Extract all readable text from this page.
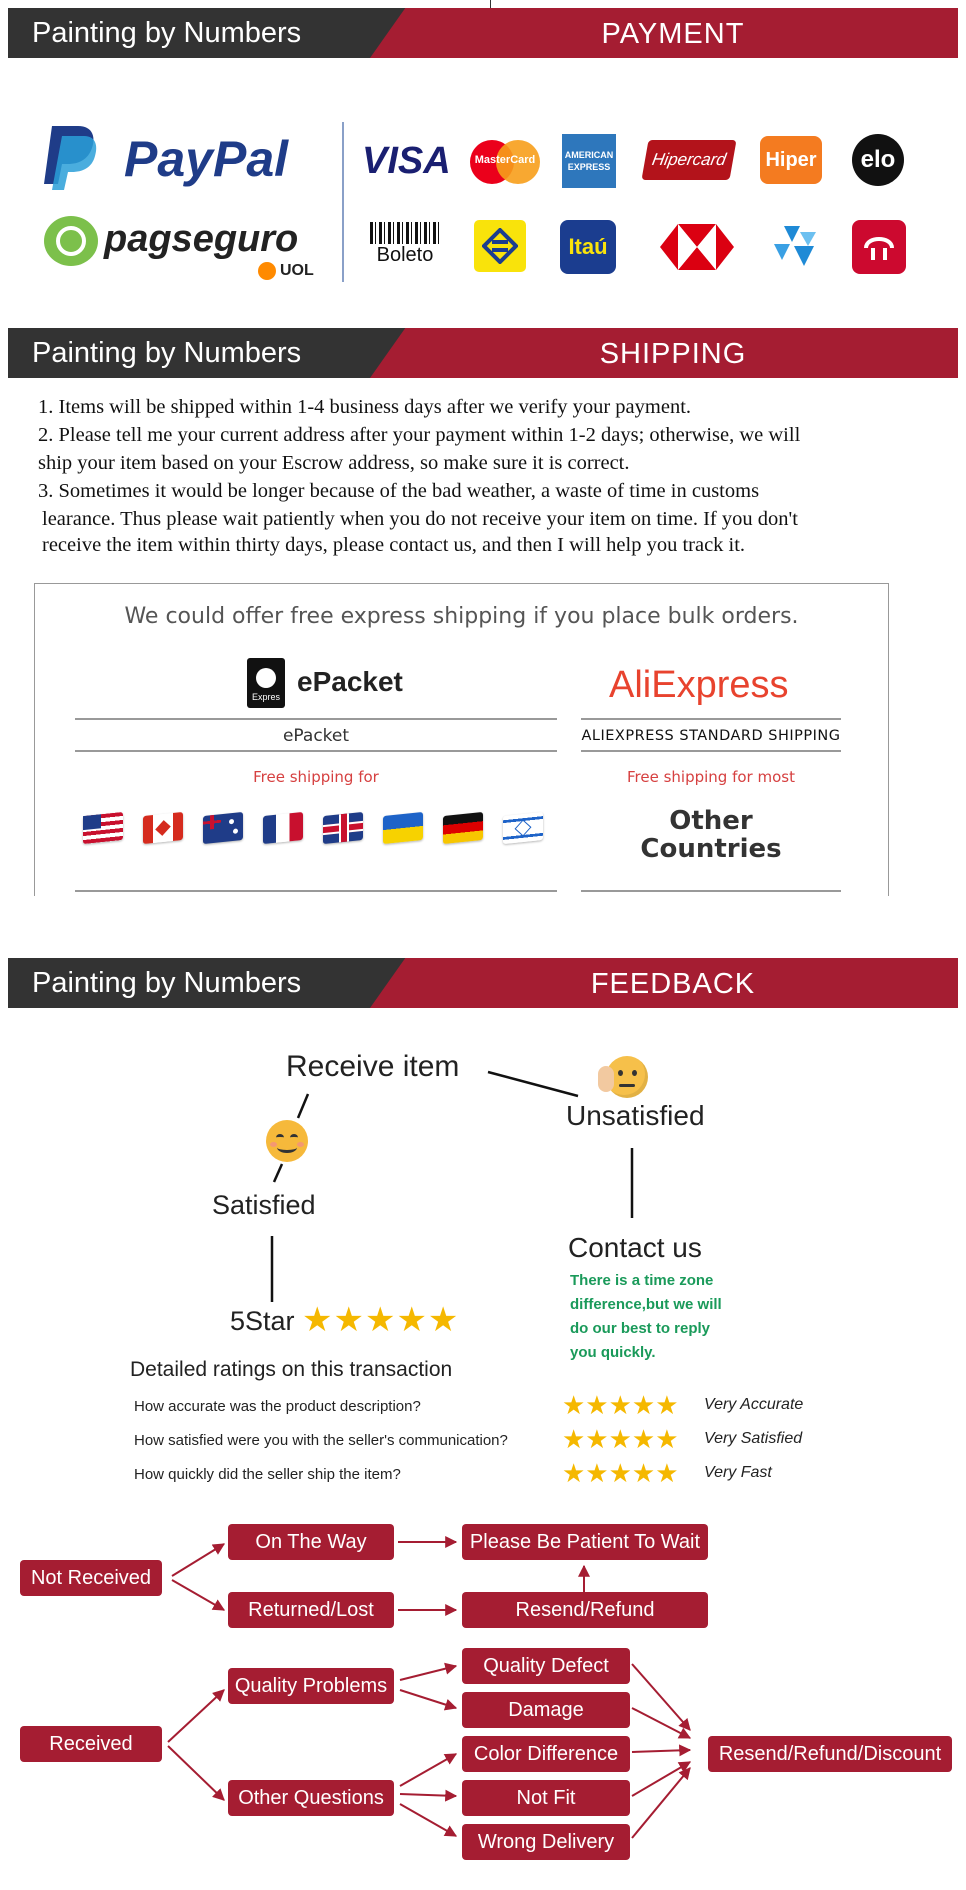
Painting by Numbers	PAYMENT
PayPal
pagseguro
UOL
VISA	MasterCard	AMERICAN EXPRESS	Hipercard Hiper elo
Boleto	Itaú
Painting by Numbers	SHIPPING
1. Items will be shipped within 1-4 business days after we verify your payment.
2. Please tell me your current address after your payment within 1-2 days; otherwise, we will
ship your item based on your Escrow address, so make sure it is correct.
3. Sometimes it would be longer because of the bad weather, a waste of time in customs
learance. Thus please wait patiently when you do not receive your item on time. If you don't
receive the item within thirty days, please contact us, and then I will help you track it.
We could offer free express shipping if you place bulk orders.
Expres ePacket
ePacket
Free shipping for
AliExpress
ALIEXPRESS STANDARD SHIPPING
Free shipping for most
Other
Countries
Painting by Numbers	FEEDBACK
Receive item
Unsatisfied
Satisfied
5Star ★★★★★
Contact us
There is a time zone
difference,but we will
do our best to reply
you quickly.
Detailed ratings on this transaction
How accurate was the product description?	★★★★★ Very Accurate
How satisfied were you with the seller's communication? ★★★★★ Very Satisfied
How quickly did the seller ship the item?	★★★★★ Very Fast
Not Received
On The Way
Returned/Lost
Please Be Patient To Wait
Resend/Refund
Received
Quality Problems
Other Questions
Quality Defect
Damage
Color Difference
Not Fit
Wrong Delivery
Resend/Refund/Discount
